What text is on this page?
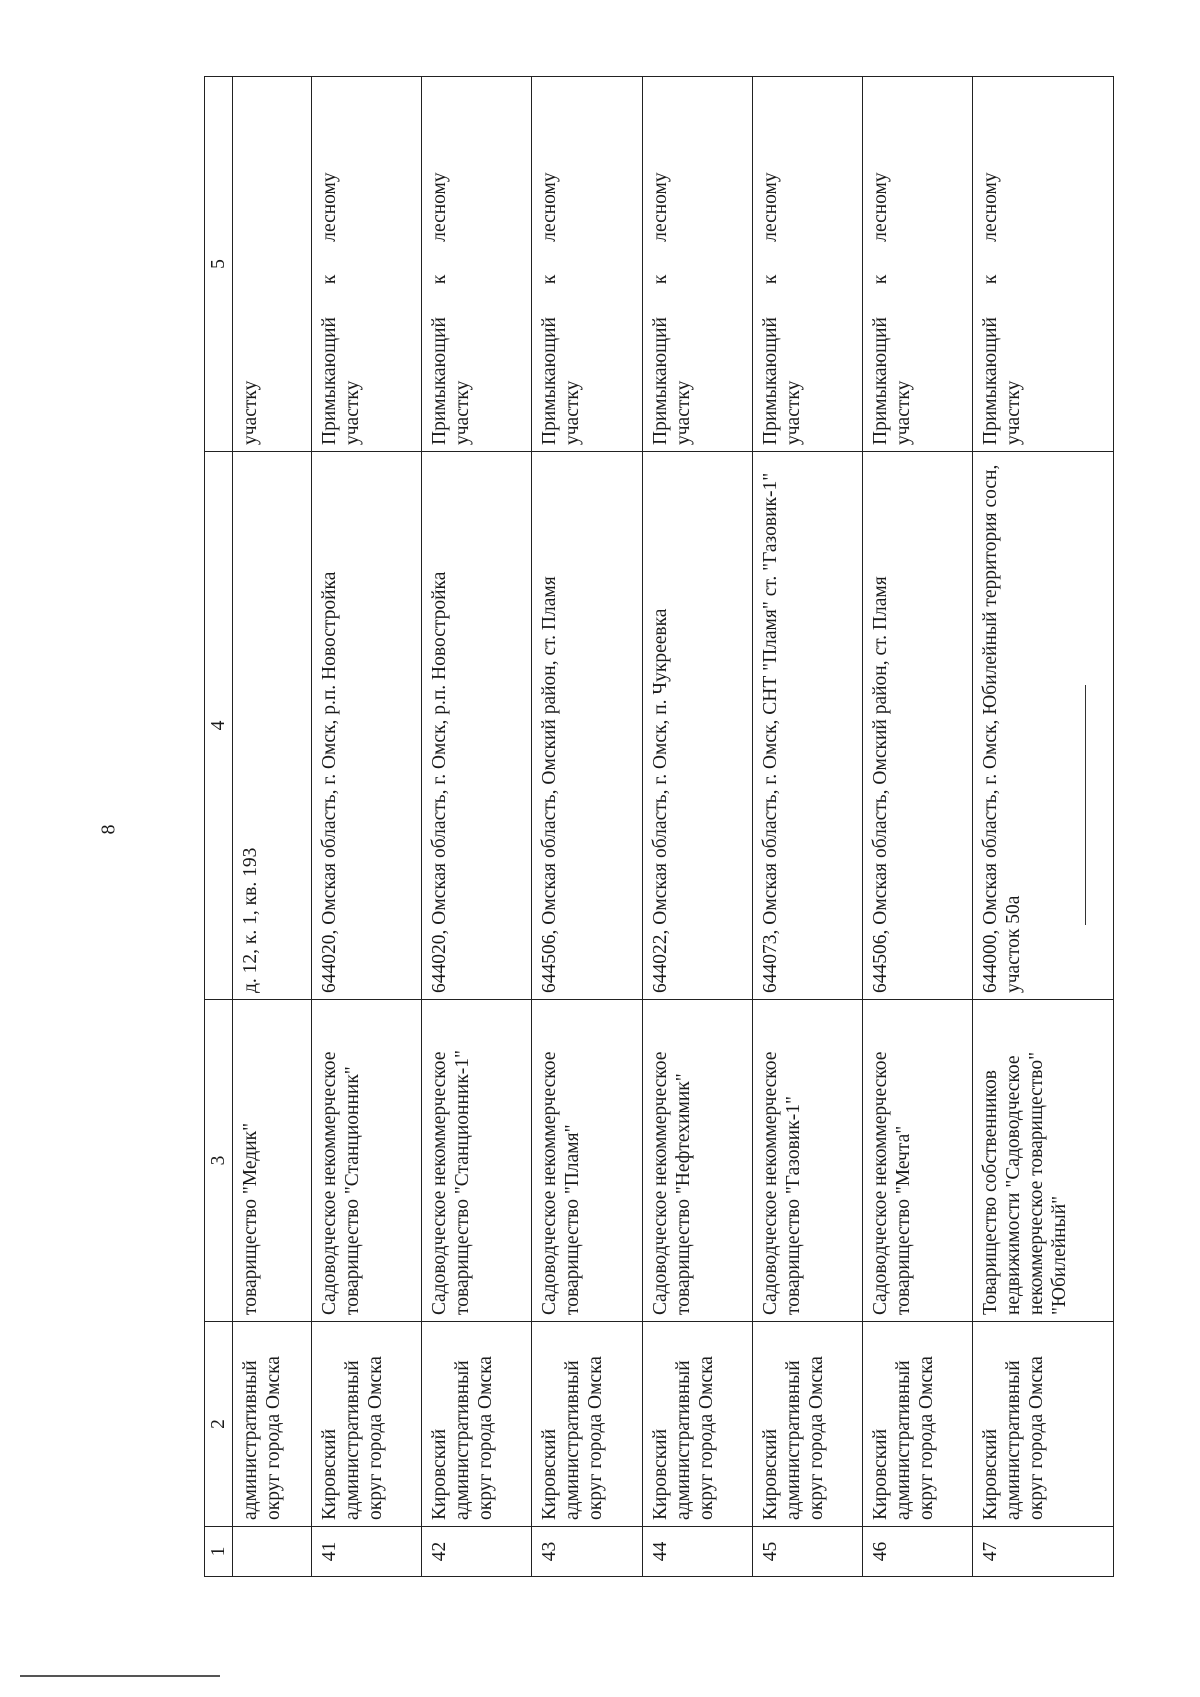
8
1	2	3	4	5
	административный округ города Омска	товарищество "Медик"	д. 12, к. 1, кв. 193	участку

41	Кировский административный округ города Омска	Садоводческое некоммерческое товарищество "Станционник"	644020, Омская область, г. Омск, р.п. Новостройка	Примыкающий к лесному участку

42	Кировский административный округ города Омска	Садоводческое некоммерческое товарищество "Станционник-1"	644020, Омская область, г. Омск, р.п. Новостройка	Примыкающий к лесному участку

43	Кировский административный округ города Омска	Садоводческое некоммерческое товарищество "Пламя"	644506, Омская область, Омский район, ст. Пламя	Примыкающий к лесному участку

44	Кировский административный округ города Омска	Садоводческое некоммерческое товарищество "Нефтехимик"	644022, Омская область, г. Омск, п. Чукреевка	Примыкающий к лесному участку

45	Кировский административный округ города Омска	Садоводческое некоммерческое товарищество "Газовик-1"	644073, Омская область, г. Омск, СНТ "Пламя" ст. "Газовик-1"	Примыкающий к лесному участку

46	Кировский административный округ города Омска	Садоводческое некоммерческое товарищество "Мечта"	644506, Омская область, Омский район, ст. Пламя	Примыкающий к лесному участку

47	Кировский административный округ города Омска	Товарищество собственников недвижимости "Садоводческое некоммерческое товарищество" "Юбилейный"	644000, Омская область, г. Омск, Юбилейный территория сосн, участок 50а	Примыкающий к лесному участку
